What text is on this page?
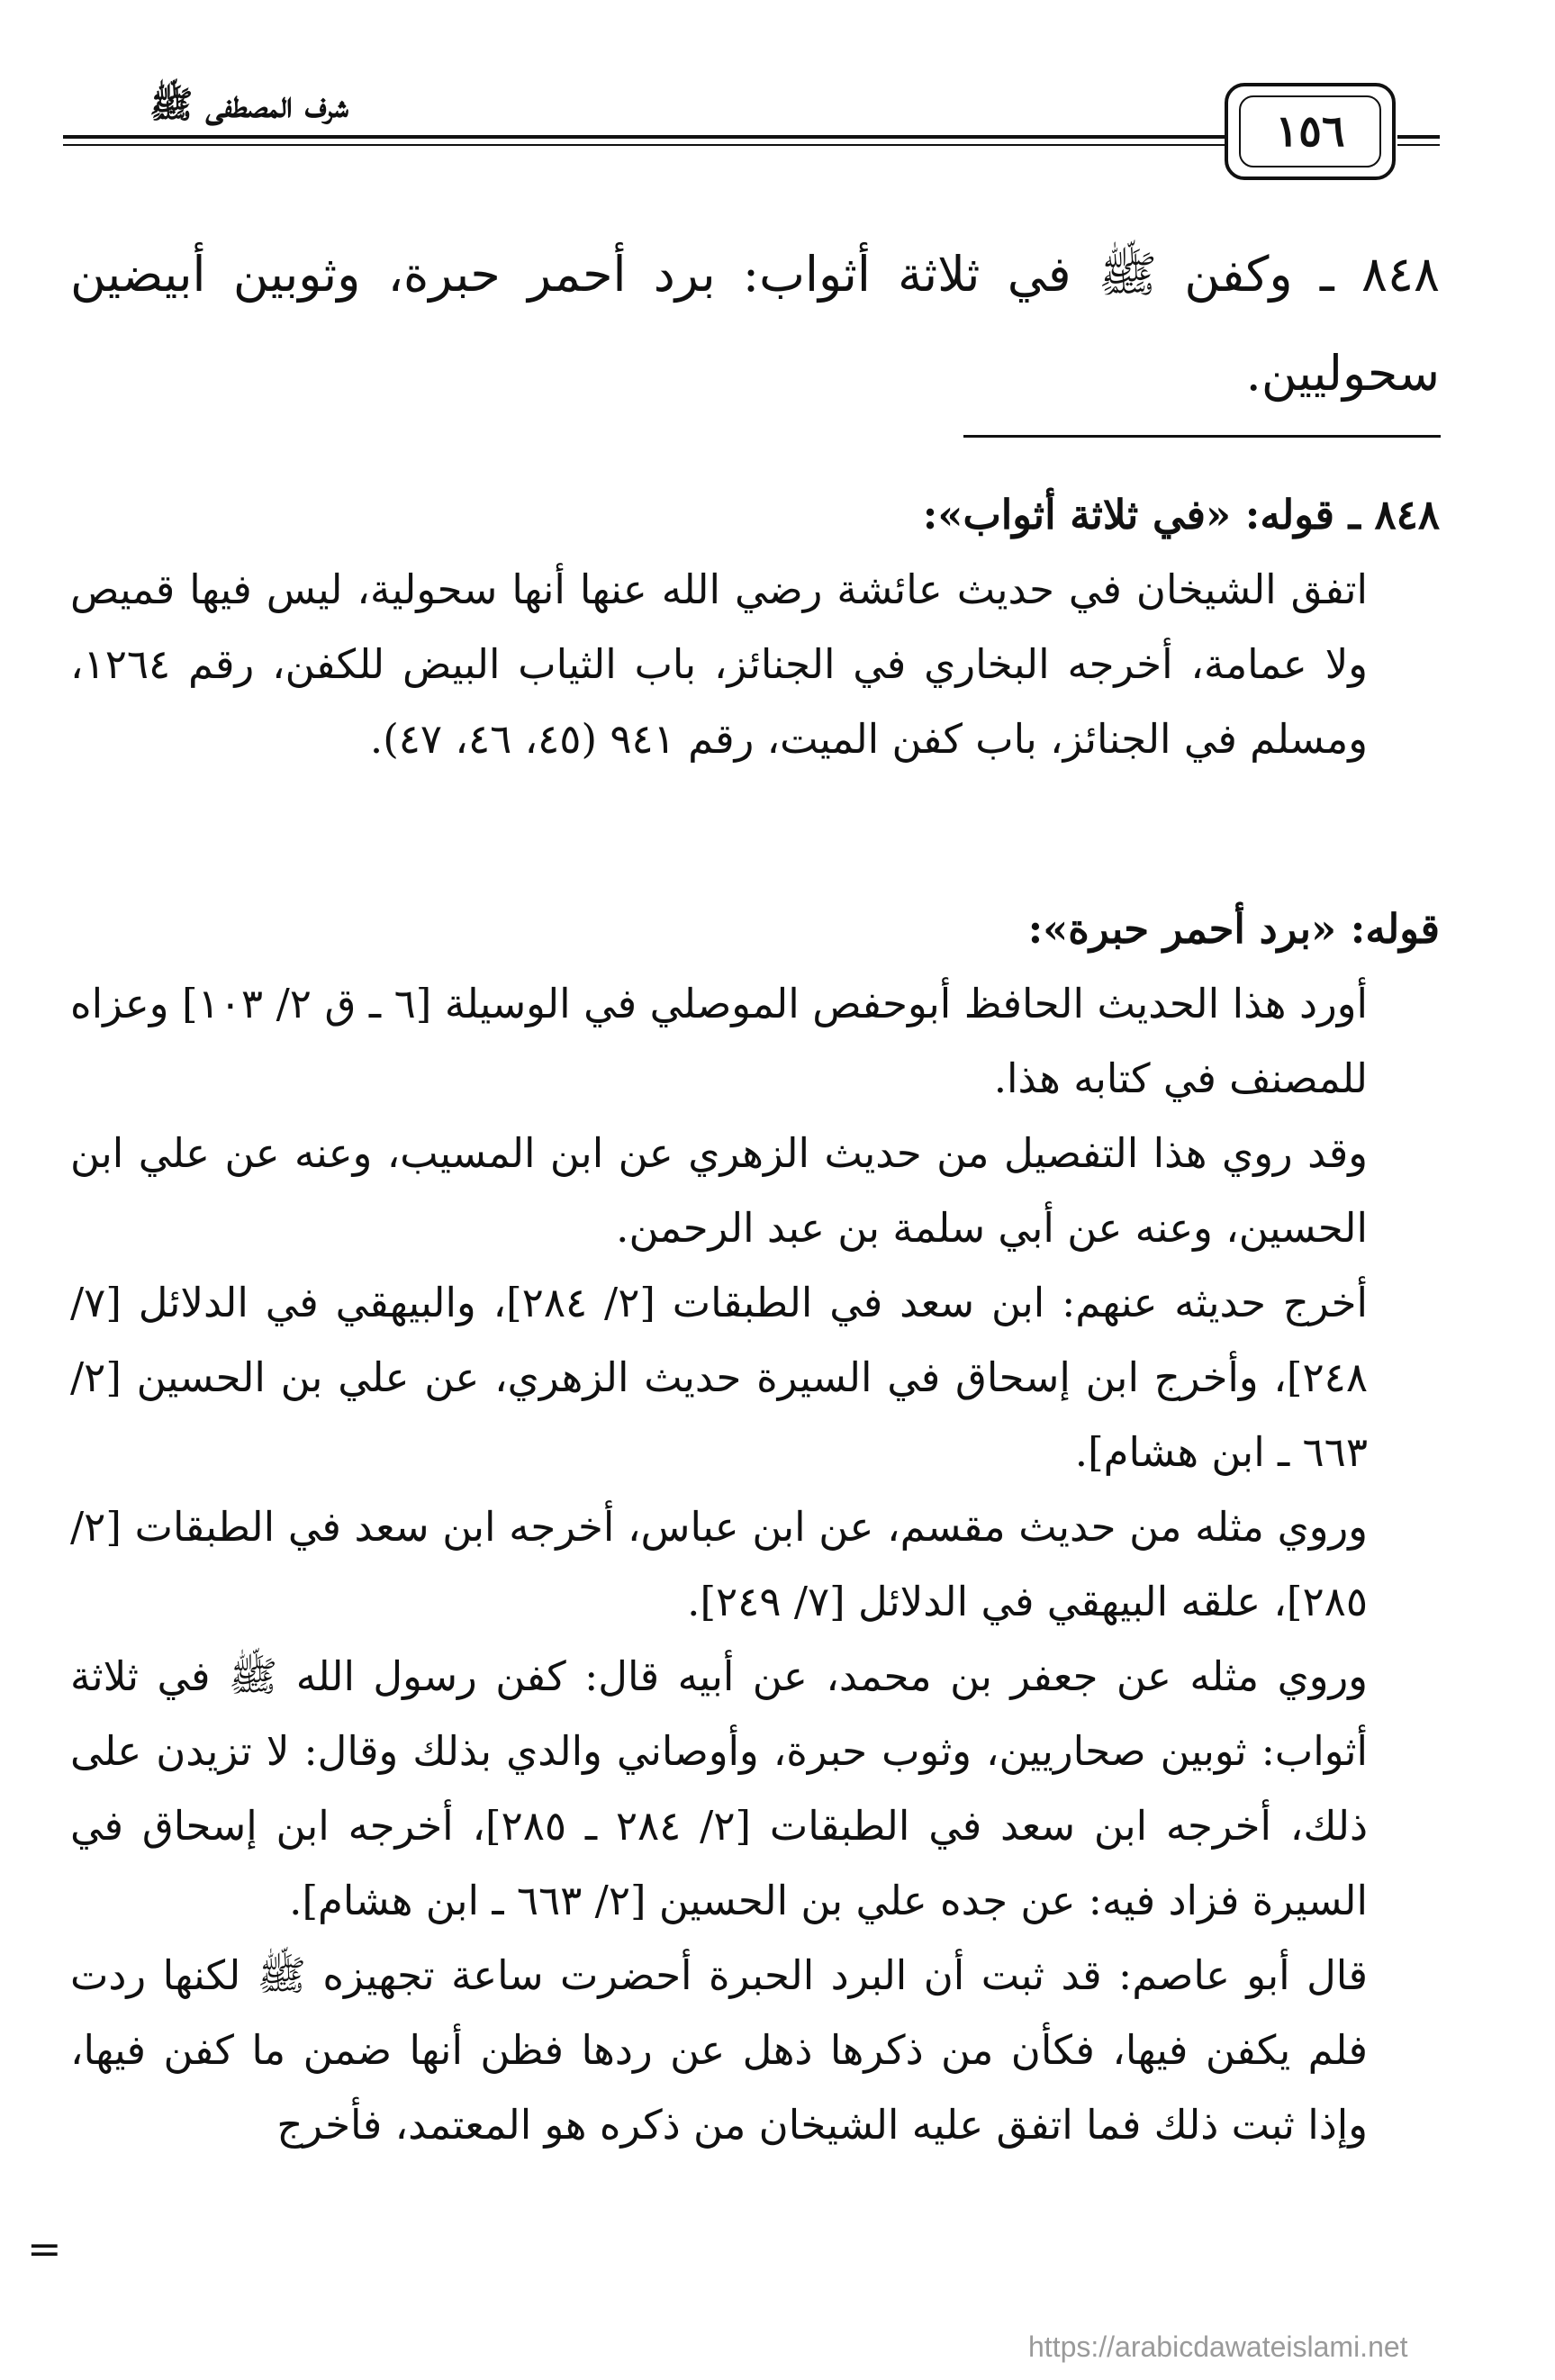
شرف المصطفى ﷺ
١٥٦
٨٤٨ ـ وكفن ﷺ في ثلاثة أثواب: برد أحمر حبرة، وثوبين أبيضين سحوليين.

٨٤٨ ـ قوله: «في ثلاثة أثواب»:

اتفق الشيخان في حديث عائشة رضي الله عنها أنها سحولية، ليس فيها قميص ولا عمامة، أخرجه البخاري في الجنائز، باب الثياب البيض للكفن، رقم ١٢٦٤، ومسلم في الجنائز، باب كفن الميت، رقم ٩٤١ (٤٥، ٤٦، ٤٧).

قوله: «برد أحمر حبرة»:

أورد هذا الحديث الحافظ أبوحفص الموصلي في الوسيلة [٦ ـ ق ٢/ ١٠٣] وعزاه للمصنف في كتابه هذا.

وقد روي هذا التفصيل من حديث الزهري عن ابن المسيب، وعنه عن علي ابن الحسين، وعنه عن أبي سلمة بن عبد الرحمن.

أخرج حديثه عنهم: ابن سعد في الطبقات [٢/ ٢٨٤]، والبيهقي في الدلائل [٧/ ٢٤٨]، وأخرج ابن إسحاق في السيرة حديث الزهري، عن علي بن الحسين [٢/ ٦٦٣ ـ ابن هشام].

وروي مثله من حديث مقسم، عن ابن عباس، أخرجه ابن سعد في الطبقات [٢/ ٢٨٥]، علقه البيهقي في الدلائل [٧/ ٢٤٩].

وروي مثله عن جعفر بن محمد، عن أبيه قال: كفن رسول الله ﷺ في ثلاثة أثواب: ثوبين صحاريين، وثوب حبرة، وأوصاني والدي بذلك وقال: لا تزيدن على ذلك، أخرجه ابن سعد في الطبقات [٢/ ٢٨٤ ـ ٢٨٥]، أخرجه ابن إسحاق في السيرة فزاد فيه: عن جده علي بن الحسين [٢/ ٦٦٣ ـ ابن هشام].

قال أبو عاصم: قد ثبت أن البرد الحبرة أحضرت ساعة تجهيزه ﷺ لكنها ردت فلم يكفن فيها، فكأن من ذكرها ذهل عن ردها فظن أنها ضمن ما كفن فيها، وإذا ثبت ذلك فما اتفق عليه الشيخان من ذكره هو المعتمد، فأخرج

=
https://arabicdawateislami.net
